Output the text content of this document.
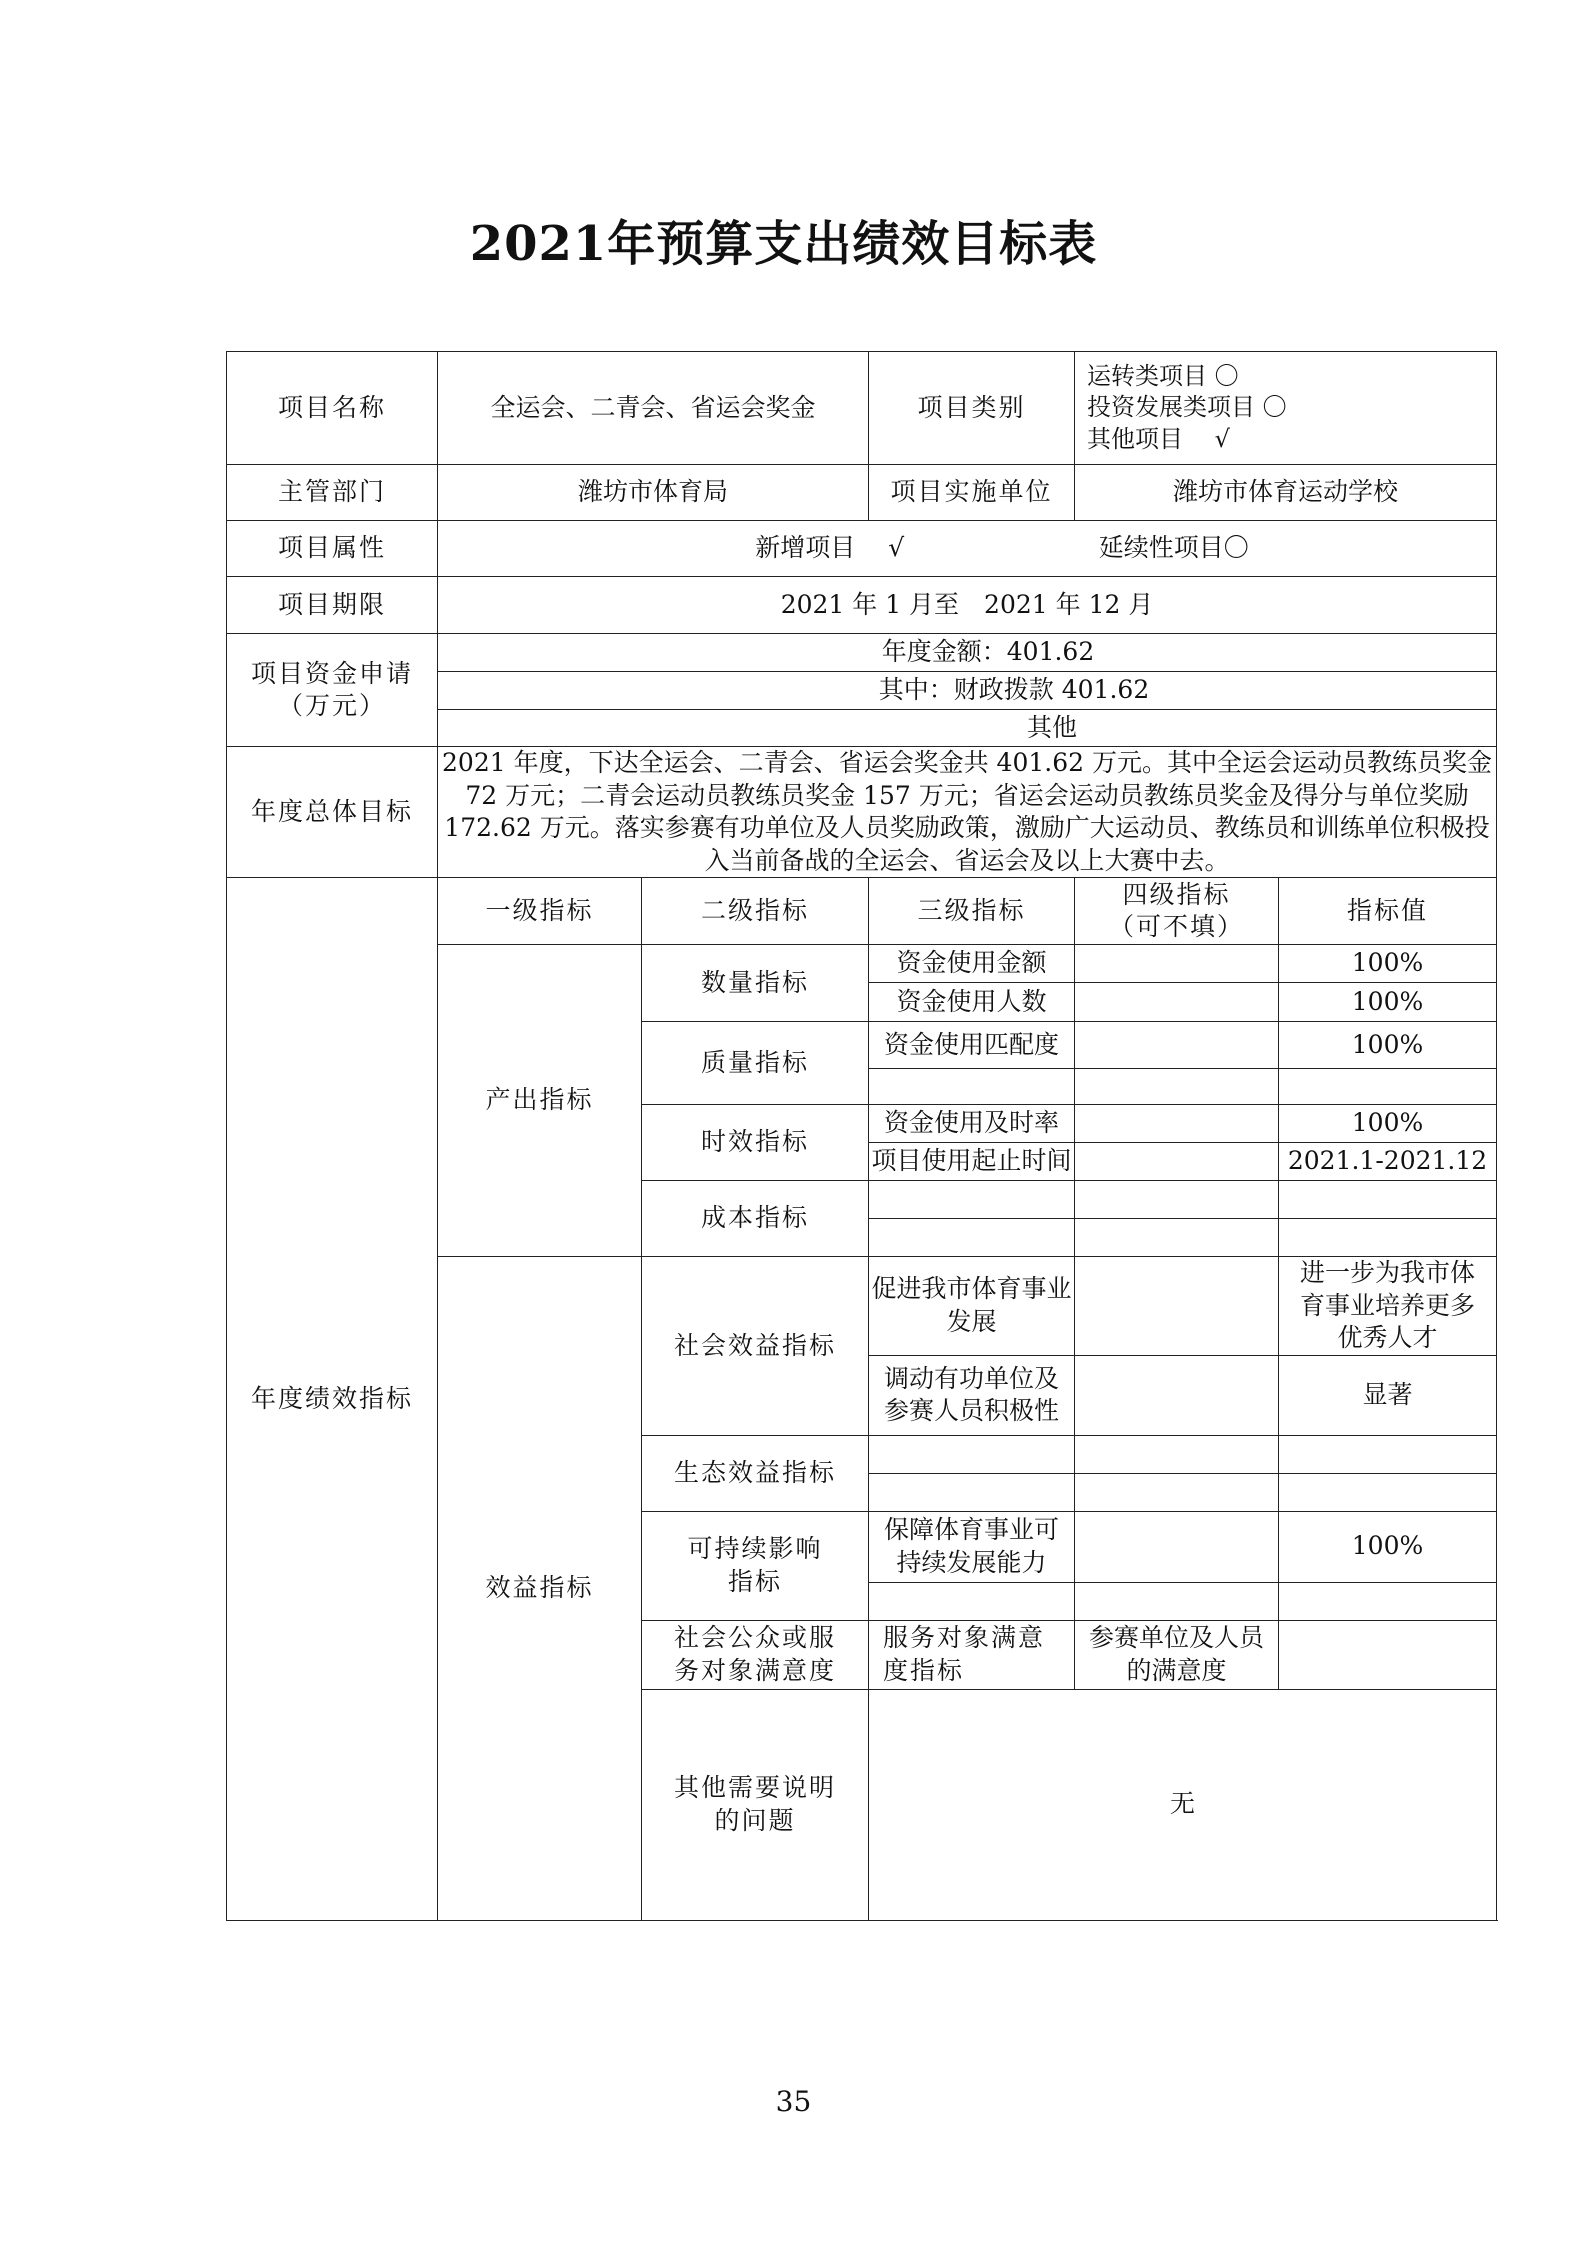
2021年预算支出绩效目标表
项目名称	全运会、二青会、省运会奖金		项目类别	运转类项目 〇
投资发展类项目 〇
其他项目　 √		

主管部门	潍坊市体育局		项目实施单位	潍坊市体育运动学校		
项目属性	新增项目　 √ 延续性项目〇					

项目期限	2021 年 1 月至　2021 年 12 月					
项目资金申请（万元）	年度金额：401.62					
	其中：财政拨款 401.62					
	其他					
年度总体目标	2021 年度，下达全运会、二青会、省运会奖金共 401.62 万元。其中全运会运动员教练员奖金 72 万元；二青会运动员教练员奖金 157 万元；省运会运动员教练员奖金及得分与单位奖励 172.62 万元。落实参赛有功单位及人员奖励政策，激励广大运动员、教练员和训练单位积极投入当前备战的全运会、省运会及以上大赛中去。					
年度绩效指标	一级指标	二级指标	三级指标	四级指标（可不填）	指标值	
	产出指标	数量指标	资金使用金额		100%	
			资金使用人数		100%	
		质量指标	资金使用匹配度		100%	

		时效指标	资金使用及时率		100%	
			项目使用起止时间		2021.1-2021.12	
		成本指标				

	效益指标	社会效益指标	促进我市体育事业发展		进一步为我市体育事业培养更多优秀人才	
			调动有功单位及参赛人员积极性		显著	
		生态效益指标				

		可持续影响指标	保障体育事业可持续发展能力		100%	

		社会公众或服务对象满意度	服务对象满意度指标	参赛单位及人员的满意度		
		其他需要说明的问题	无			
35
